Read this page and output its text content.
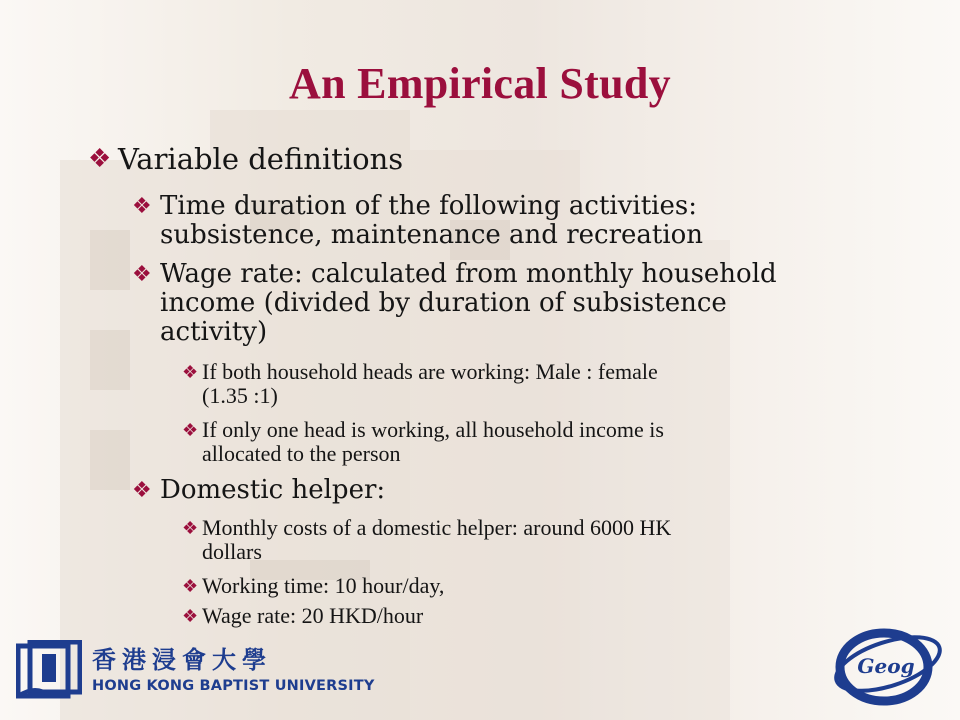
An Empirical Study
❖ Variable definitions
❖ Time duration of the following activities:
subsistence, maintenance and recreation
❖ Wage rate: calculated from monthly household
income (divided by duration of subsistence
activity)
❖ If both household heads are working: Male : female
(1.35 :1)
❖ If only one head is working, all household income is
allocated to the person
❖ Domestic helper:
❖ Monthly costs of a domestic helper: around 6000 HK
dollars
❖ Working time: 10 hour/day,
❖ Wage rate: 20 HKD/hour
香港浸會大學
HONG KONG BAPTIST UNIVERSITY
Geog
